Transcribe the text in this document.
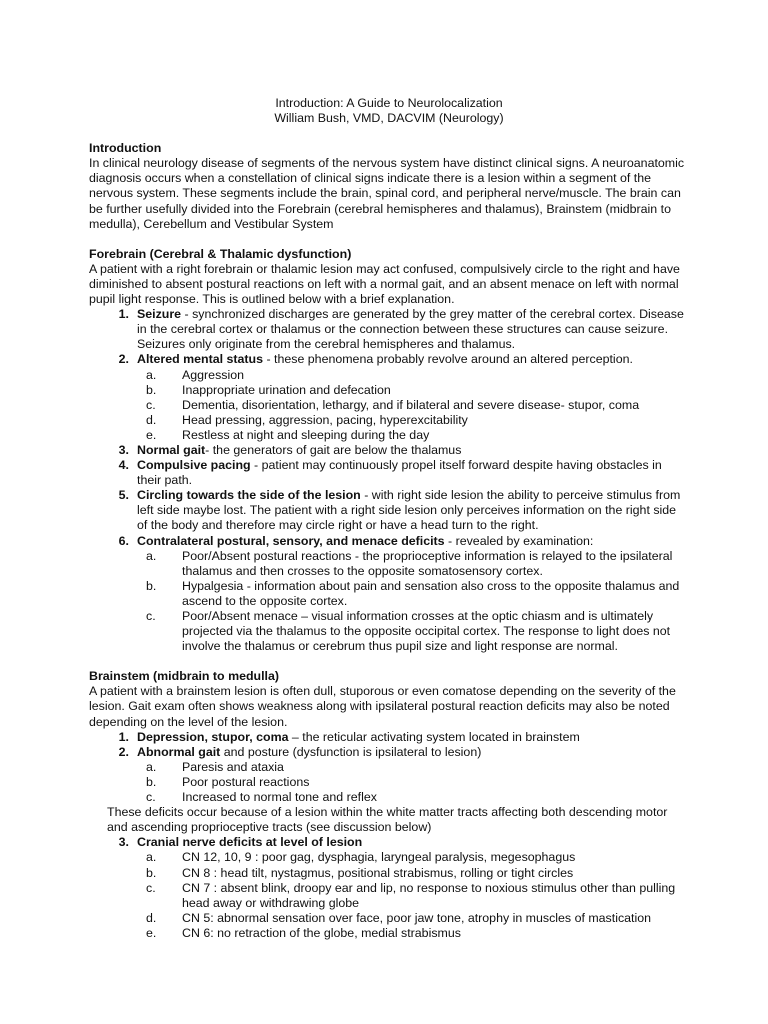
Introduction: A Guide to Neurolocalization
William Bush, VMD, DACVIM (Neurology)
Introduction

In clinical neurology disease of segments of the nervous system have distinct clinical signs. A neuroanatomic diagnosis occurs when a constellation of clinical signs indicate there is a lesion within a segment of the nervous system. These segments include the brain, spinal cord, and peripheral nerve/muscle. The brain can be further usefully divided into the Forebrain (cerebral hemispheres and thalamus), Brainstem (midbrain to medulla), Cerebellum and Vestibular System

Forebrain (Cerebral & Thalamic dysfunction)

A patient with a right forebrain or thalamic lesion may act confused, compulsively circle to the right and have diminished to absent postural reactions on left with a normal gait, and an absent menace on left with normal pupil light response. This is outlined below with a brief explanation.

1. Seizure - synchronized discharges are generated by the grey matter of the cerebral cortex. Disease in the cerebral cortex or thalamus or the connection between these structures can cause seizure. Seizures only originate from the cerebral hemispheres and thalamus.
2. Altered mental status - these phenomena probably revolve around an altered perception.
a. Aggression
b. Inappropriate urination and defecation
c. Dementia, disorientation, lethargy, and if bilateral and severe disease- stupor, coma
d. Head pressing, aggression, pacing, hyperexcitability
e. Restless at night and sleeping during the day
3. Normal gait- the generators of gait are below the thalamus
4. Compulsive pacing - patient may continuously propel itself forward despite having obstacles in their path.
5. Circling towards the side of the lesion - with right side lesion the ability to perceive stimulus from left side maybe lost. The patient with a right side lesion only perceives information on the right side of the body and therefore may circle right or have a head turn to the right.
6. Contralateral postural, sensory, and menace deficits - revealed by examination:
a. Poor/Absent postural reactions - the proprioceptive information is relayed to the ipsilateral thalamus and then crosses to the opposite somatosensory cortex.
b. Hypalgesia - information about pain and sensation also cross to the opposite thalamus and ascend to the opposite cortex.
c. Poor/Absent menace – visual information crosses at the optic chiasm and is ultimately projected via the thalamus to the opposite occipital cortex. The response to light does not involve the thalamus or cerebrum thus pupil size and light response are normal.
Brainstem (midbrain to medulla)

A patient with a brainstem lesion is often dull, stuporous or even comatose depending on the severity of the lesion. Gait exam often shows weakness along with ipsilateral postural reaction deficits may also be noted depending on the level of the lesion.

1. Depression, stupor, coma – the reticular activating system located in brainstem
2. Abnormal gait and posture (dysfunction is ipsilateral to lesion)
a. Paresis and ataxia
b. Poor postural reactions
c. Increased to normal tone and reflex

These deficits occur because of a lesion within the white matter tracts affecting both descending motor and ascending proprioceptive tracts (see discussion below)

3. Cranial nerve deficits at level of lesion
a. CN 12, 10, 9 : poor gag, dysphagia, laryngeal paralysis, megesophagus
b. CN 8 : head tilt, nystagmus, positional strabismus, rolling or tight circles
c. CN 7 : absent blink, droopy ear and lip, no response to noxious stimulus other than pulling head away or withdrawing globe
d. CN 5: abnormal sensation over face, poor jaw tone, atrophy in muscles of mastication
e. CN 6: no retraction of the globe, medial strabismus
